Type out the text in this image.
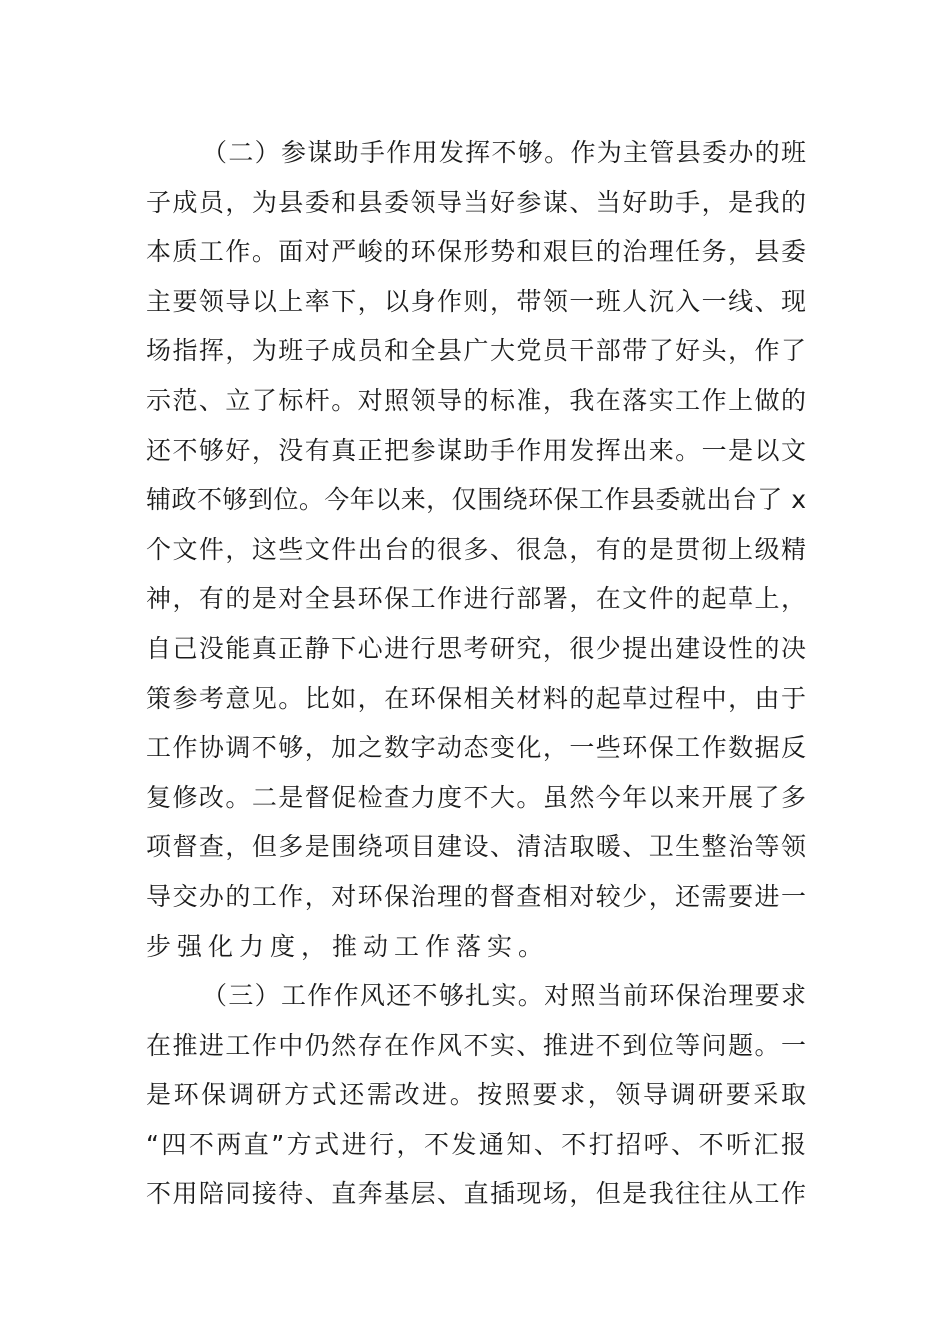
（二）参谋助手作用发挥不够。作为主管县委办的班
子成员，为县委和县委领导当好参谋、当好助手，是我的
本质工作。面对严峻的环保形势和艰巨的治理任务，县委
主要领导以上率下，以身作则，带领一班人沉入一线、现
场指挥，为班子成员和全县广大党员干部带了好头，作了
示范、立了标杆。对照领导的标准，我在落实工作上做的
还不够好，没有真正把参谋助手作用发挥出来。一是以文
辅政不够到位。今年以来，仅围绕环保工作县委就出台了 x
个文件，这些文件出台的很多、很急，有的是贯彻上级精
神，有的是对全县环保工作进行部署，在文件的起草上，
自己没能真正静下心进行思考研究，很少提出建设性的决
策参考意见。比如，在环保相关材料的起草过程中，由于
工作协调不够，加之数字动态变化，一些环保工作数据反
复修改。二是督促检查力度不大。虽然今年以来开展了多
项督查，但多是围绕项目建设、清洁取暖、卫生整治等领
导交办的工作，对环保治理的督查相对较少，还需要进一
步强化力度，推动工作落实。
（三）工作作风还不够扎实。对照当前环保治理要求
在推进工作中仍然存在作风不实、推进不到位等问题。一
是环保调研方式还需改进。按照要求，领导调研要采取
“四不两直”方式进行，不发通知、不打招呼、不听汇报
不用陪同接待、直奔基层、直插现场，但是我往往从工作
